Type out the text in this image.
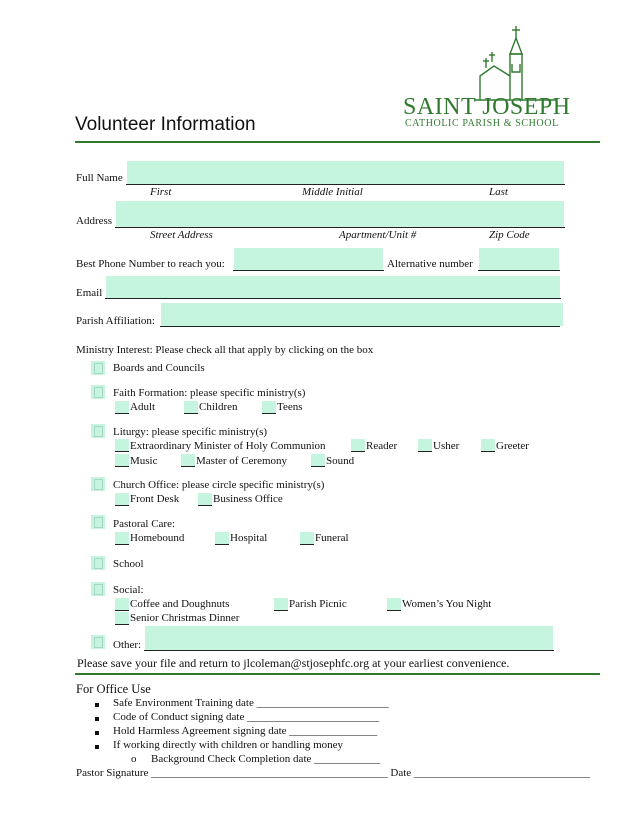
Volunteer Information
SAINT JOSEPH
CATHOLIC PARISH & SCHOOL
Full Name
First	Middle Initial	Last
Address
Street Address	Apartment/Unit #	Zip Code
Best Phone Number to reach you:	Alternative number
Email
Parish Affiliation:
Ministry Interest: Please check all that apply by clicking on the box
Boards and Councils
Faith Formation: please specific ministry(s)
Adult	Children	Teens
Liturgy: please specific ministry(s)
Extraordinary Minister of Holy Communion	Reader	Usher	Greeter
Music	Master of Ceremony	Sound
Church Office: please circle specific ministry(s)
Front Desk	Business Office
Pastoral Care:
Homebound	Hospital	Funeral
School
Social:
Coffee and Doughnuts	Parish Picnic	Women’s You Night
Senior Christmas Dinner
Other:
Please save your file and return to jlcoleman@stjosephfc.org at your earliest convenience.
For Office Use
Safe Environment Training date ________________________
Code of Conduct signing date ________________________
Hold Harmless Agreement signing date ________________
If working directly with children or handling money
o Background Check Completion date ____________
Pastor Signature ___________________________________________ Date ________________________________
